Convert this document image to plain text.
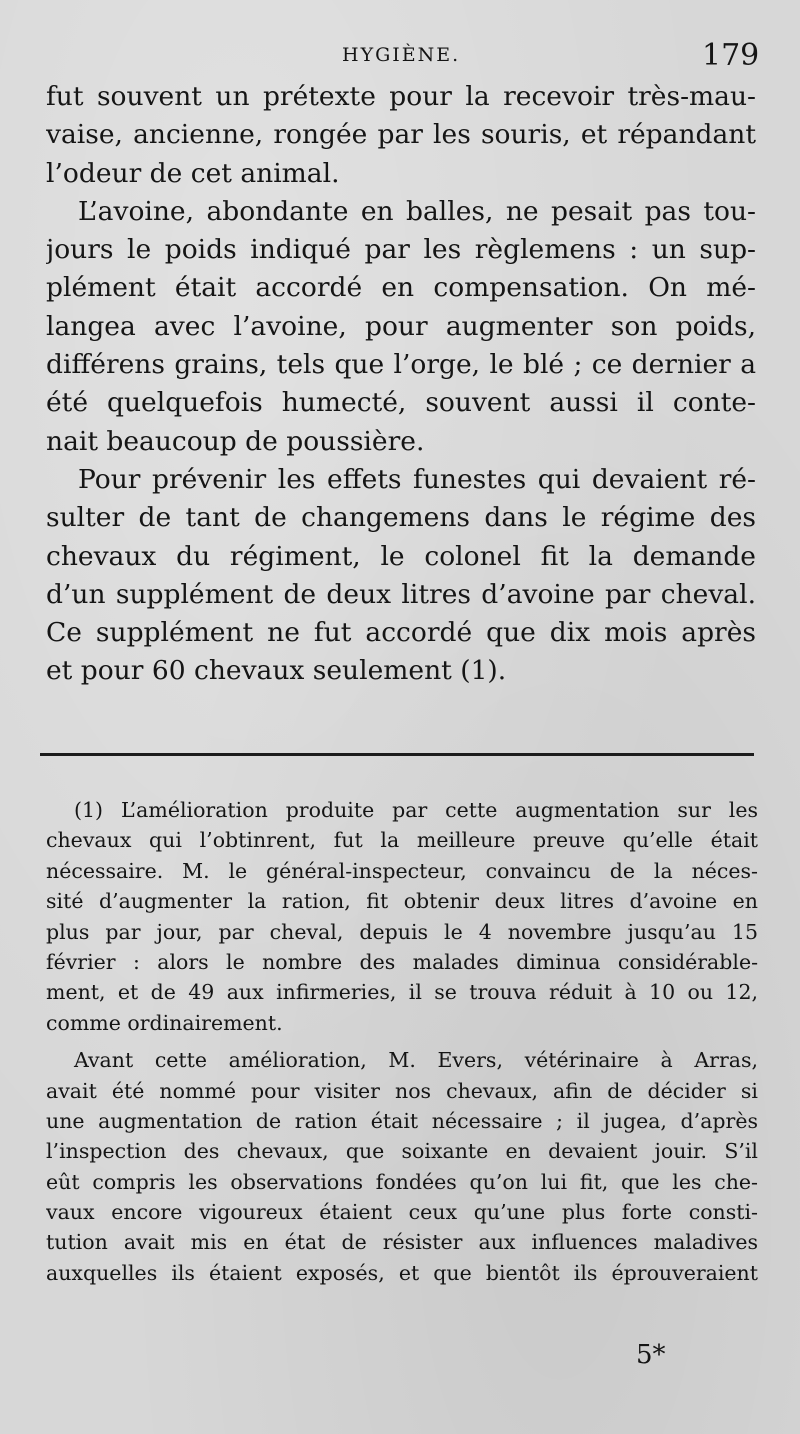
HYGIÈNE.	179
fut souvent un prétexte pour la recevoir très-mau-
vaise, ancienne, rongée par les souris, et répandant
l’odeur de cet animal.
L’avoine, abondante en balles, ne pesait pas tou-
jours le poids indiqué par les règlemens : un sup-
plément était accordé en compensation. On mé-
langea avec l’avoine, pour augmenter son poids,
différens grains, tels que l’orge, le blé ; ce dernier a
été quelquefois humecté, souvent aussi il conte-
nait beaucoup de poussière.
Pour prévenir les effets funestes qui devaient ré-
sulter de tant de changemens dans le régime des
chevaux du régiment, le colonel fit la demande
d’un supplément de deux litres d’avoine par cheval.
Ce supplément ne fut accordé que dix mois après
et pour 60 chevaux seulement (1).
(1) L’amélioration produite par cette augmentation sur les
chevaux qui l’obtinrent, fut la meilleure preuve qu’elle était
nécessaire. M. le général-inspecteur, convaincu de la néces-
sité d’augmenter la ration, fit obtenir deux litres d’avoine en
plus par jour, par cheval, depuis le 4 novembre jusqu’au 15
février : alors le nombre des malades diminua considérable-
ment, et de 49 aux infirmeries, il se trouva réduit à 10 ou 12,
comme ordinairement.
Avant cette amélioration, M. Evers, vétérinaire à Arras,
avait été nommé pour visiter nos chevaux, afin de décider si
une augmentation de ration était nécessaire ; il jugea, d’après
l’inspection des chevaux, que soixante en devaient jouir. S’il
eût compris les observations fondées qu’on lui fit, que les che-
vaux encore vigoureux étaient ceux qu’une plus forte consti-
tution avait mis en état de résister aux influences maladives
auxquelles ils étaient exposés, et que bientôt ils éprouveraient
5*
